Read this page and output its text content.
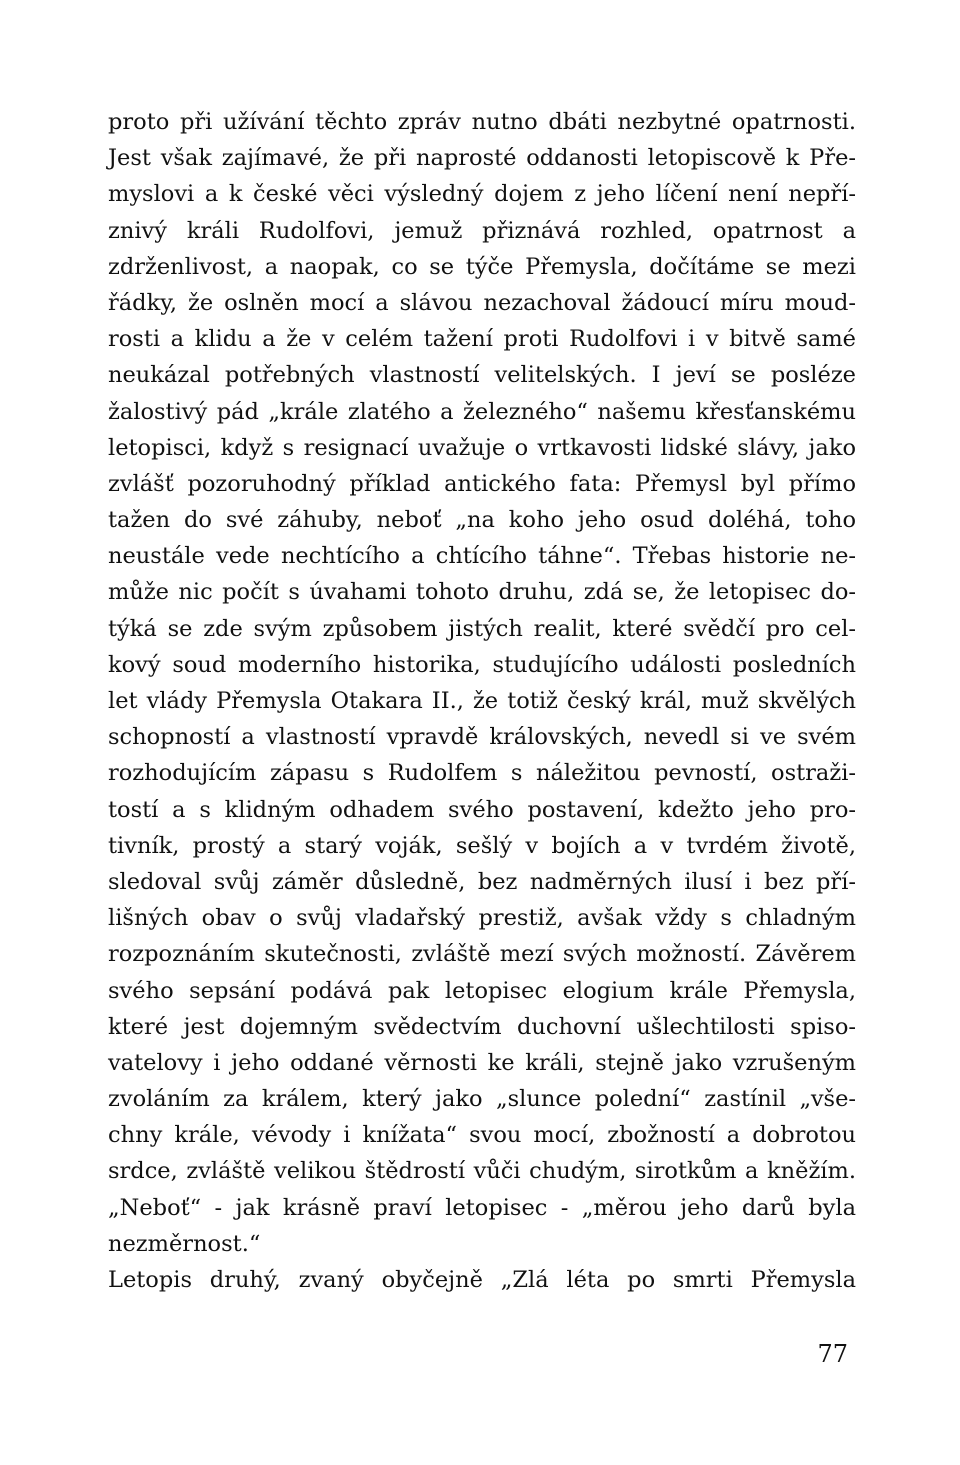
proto při užívání těchto zpráv nutno dbáti nezbytné opatrnosti.
Jest však zajímavé, že při naprosté oddanosti letopiscově k Pře-
myslovi a k české věci výsledný dojem z jeho líčení není nepří-
znivý králi Rudolfovi, jemuž přiznává rozhled, opatrnost a
zdrženlivost, a naopak, co se týče Přemysla, dočítáme se mezi
řádky, že oslněn mocí a slávou nezachoval žádoucí míru moud-
rosti a klidu a že v celém tažení proti Rudolfovi i v bitvě samé
neukázal potřebných vlastností velitelských. I jeví se posléze
žalostivý pád „krále zlatého a železného“ našemu křesťanskému
letopisci, když s resignací uvažuje o vrtkavosti lidské slávy, jako
zvlášť pozoruhodný příklad antického fata: Přemysl byl přímo
tažen do své záhuby, neboť „na koho jeho osud doléhá, toho
neustále vede nechtícího a chtícího táhne“. Třebas historie ne-
může nic počít s úvahami tohoto druhu, zdá se, že letopisec do-
týká se zde svým způsobem jistých realit, které svědčí pro cel-
kový soud moderního historika, studujícího události posledních
let vlády Přemysla Otakara II., že totiž český král, muž skvělých
schopností a vlastností vpravdě královských, nevedl si ve svém
rozhodujícím zápasu s Rudolfem s náležitou pevností, ostraži-
tostí a s klidným odhadem svého postavení, kdežto jeho pro-
tivník, prostý a starý voják, sešlý v bojích a v tvrdém životě,
sledoval svůj záměr důsledně, bez nadměrných ilusí i bez pří-
lišných obav o svůj vladařský prestiž, avšak vždy s chladným
rozpoznáním skutečnosti, zvláště mezí svých možností. Závěrem
svého sepsání podává pak letopisec elogium krále Přemysla,
které jest dojemným svědectvím duchovní ušlechtilosti spiso-
vatelovy i jeho oddané věrnosti ke králi, stejně jako vzrušeným
zvoláním za králem, který jako „slunce polední“ zastínil „vše-
chny krále, vévody i knížata“ svou mocí, zbožností a dobrotou
srdce, zvláště velikou štědrostí vůči chudým, sirotkům a kněžím.
„Neboť“ - jak krásně praví letopisec - „měrou jeho darů byla
nezměrnost.“
Letopis druhý, zvaný obyčejně „Zlá léta po smrti Přemysla
77
